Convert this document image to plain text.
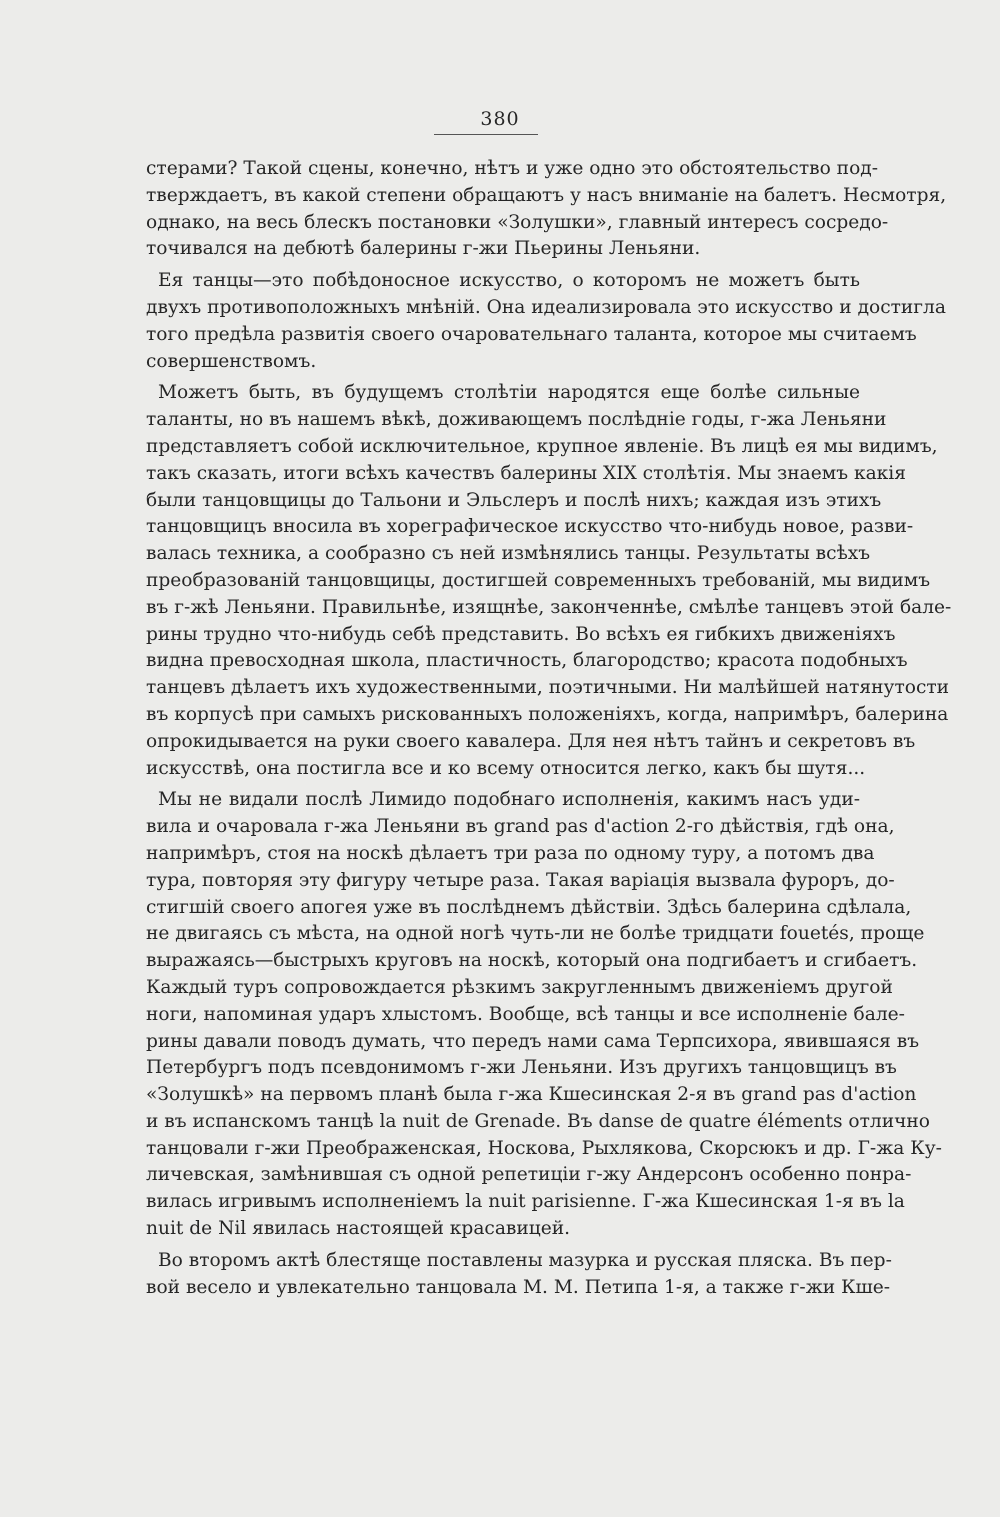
380
стерами? Такой сцены, конечно, нѣтъ и уже одно это обстоятельство под-
тверждаетъ, въ какой степени обращаютъ у насъ вниманіе на балетъ. Несмотря,
однако, на весь блескъ постановки «Золушки», главный интересъ сосредо-
точивался на дебютѣ балерины г-жи Пьерины Леньяни.
Ея танцы—это побѣдоносное искусство, о которомъ не можетъ быть
двухъ противоположныхъ мнѣній. Она идеализировала это искусство и достигла
того предѣла развитія своего очаровательнаго таланта, которое мы считаемъ
совершенствомъ.
Можетъ быть, въ будущемъ столѣтіи народятся еще болѣе сильные
таланты, но въ нашемъ вѣкѣ, доживающемъ послѣдніе годы, г-жа Леньяни
представляетъ собой исключительное, крупное явленіе. Въ лицѣ ея мы видимъ,
такъ сказать, итоги всѣхъ качествъ балерины XIX столѣтія. Мы знаемъ какія
были танцовщицы до Тальони и Эльслеръ и послѣ нихъ; каждая изъ этихъ
танцовщицъ вносила въ хореграфическое искусство что-нибудь новое, разви-
валась техника, а сообразно съ ней измѣнялись танцы. Результаты всѣхъ
преобразованій танцовщицы, достигшей современныхъ требованій, мы видимъ
въ г-жѣ Леньяни. Правильнѣе, изящнѣе, законченнѣе, смѣлѣе танцевъ этой бале-
рины трудно что-нибудь себѣ представить. Во всѣхъ ея гибкихъ движеніяхъ
видна превосходная школа, пластичность, благородство; красота подобныхъ
танцевъ дѣлаетъ ихъ художественными, поэтичными. Ни малѣйшей натянутости
въ корпусѣ при самыхъ рискованныхъ положеніяхъ, когда, напримѣръ, балерина
опрокидывается на руки своего кавалера. Для нея нѣтъ тайнъ и секретовъ въ
искусствѣ, она постигла все и ко всему относится легко, какъ бы шутя...
Мы не видали послѣ Лимидо подобнаго исполненія, какимъ насъ уди-
вила и очаровала г-жа Леньяни въ grand pas d'action 2-го дѣйствія, гдѣ она,
напримѣръ, стоя на носкѣ дѣлаетъ три раза по одному туру, а потомъ два
тура, повторяя эту фигуру четыре раза. Такая варіація вызвала фуроръ, до-
стигшій своего апогея уже въ послѣднемъ дѣйствіи. Здѣсь балерина сдѣлала,
не двигаясь съ мѣста, на одной ногѣ чуть-ли не болѣе тридцати fouetés, проще
выражаясь—быстрыхъ круговъ на носкѣ, который она подгибаетъ и сгибаетъ.
Каждый туръ сопровождается рѣзкимъ закругленнымъ движеніемъ другой
ноги, напоминая ударъ хлыстомъ. Вообще, всѣ танцы и все исполненіе бале-
рины давали поводъ думать, что передъ нами сама Терпсихора, явившаяся въ
Петербургъ подъ псевдонимомъ г-жи Леньяни. Изъ другихъ танцовщицъ въ
«Золушкѣ» на первомъ планѣ была г-жа Кшесинская 2-я въ grand pas d'action
и въ испанскомъ танцѣ la nuit de Grenade. Въ danse de quatre éléments отлично
танцовали г-жи Преображенская, Носкова, Рыхлякова, Скорсюкъ и др. Г-жа Ку-
личевская, замѣнившая съ одной репетиціи г-жу Андерсонъ особенно понра-
вилась игривымъ исполненіемъ la nuit parisienne. Г-жа Кшесинская 1-я въ la
nuit de Nil явилась настоящей красавицей.
Во второмъ актѣ блестяще поставлены мазурка и русская пляска. Въ пер-
вой весело и увлекательно танцовала М. М. Петипа 1-я, а также г-жи Кше-
